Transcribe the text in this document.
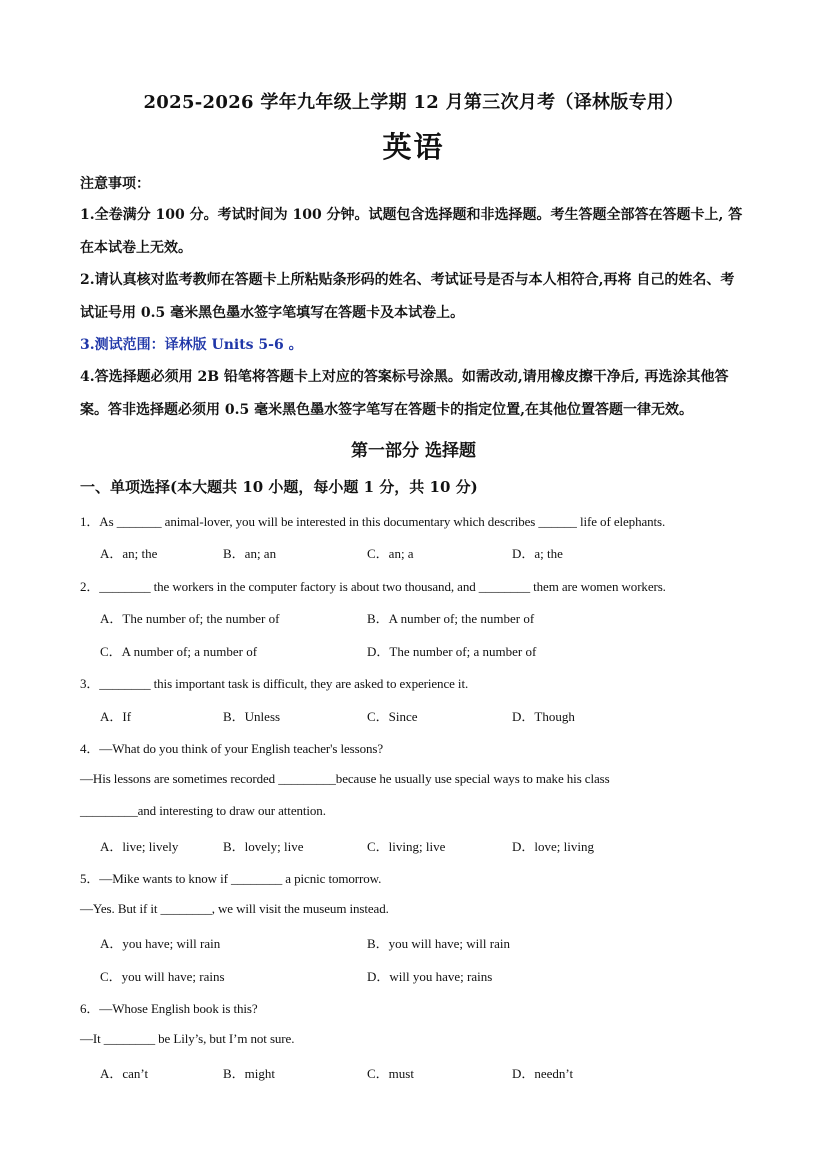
2025-2026 学年九年级上学期 12 月第三次月考（译林版专用）
英语
注意事项：
1.全卷满分 100 分。考试时间为 100 分钟。试题包含选择题和非选择题。考生答题全部答在答题卡上, 答在本试卷上无效。
2.请认真核对监考教师在答题卡上所粘贴条形码的姓名、考试证号是否与本人相符合,再将 自己的姓名、考试证号用 0.5 毫米黑色墨水签字笔填写在答题卡及本试卷上。
3.测试范围：译林版 Units 5-6 。
4.答选择题必须用 2B 铅笔将答题卡上对应的答案标号涂黑。如需改动,请用橡皮擦干净后, 再选涂其他答案。答非选择题必须用 0.5 毫米黑色墨水签字笔写在答题卡的指定位置,在其他位置答题一律无效。
第一部分 选择题
一、单项选择(本大题共 10 小题，每小题 1 分，共 10 分)
1．As _______ animal-lover, you will be interested in this documentary which describes ______ life of elephants.
A．an; the	B．an; an	C．an; a	D．a; the
2．________ the workers in the computer factory is about two thousand, and ________ them are women workers.
A．The number of; the number of	B．A number of; the number of
C．A number of; a number of	D．The number of; a number of
3．________ this important task is difficult, they are asked to experience it.
A．If	B．Unless	C．Since	D．Though
4．—What do you think of your English teacher's lessons?
—His lessons are sometimes recorded _________because he usually use special ways to make his class
_________and interesting to draw our attention.
A．live; lively	B．lovely; live	C．living; live	D．love; living
5．—Mike wants to know if ________ a picnic tomorrow.
—Yes. But if it ________, we will visit the museum instead.
A．you have; will rain	B．you will have; will rain
C．you will have; rains	D．will you have; rains
6．—Whose English book is this?
—It ________ be Lily’s, but I’m not sure.
A．can’t	B．might	C．must	D．needn’t
